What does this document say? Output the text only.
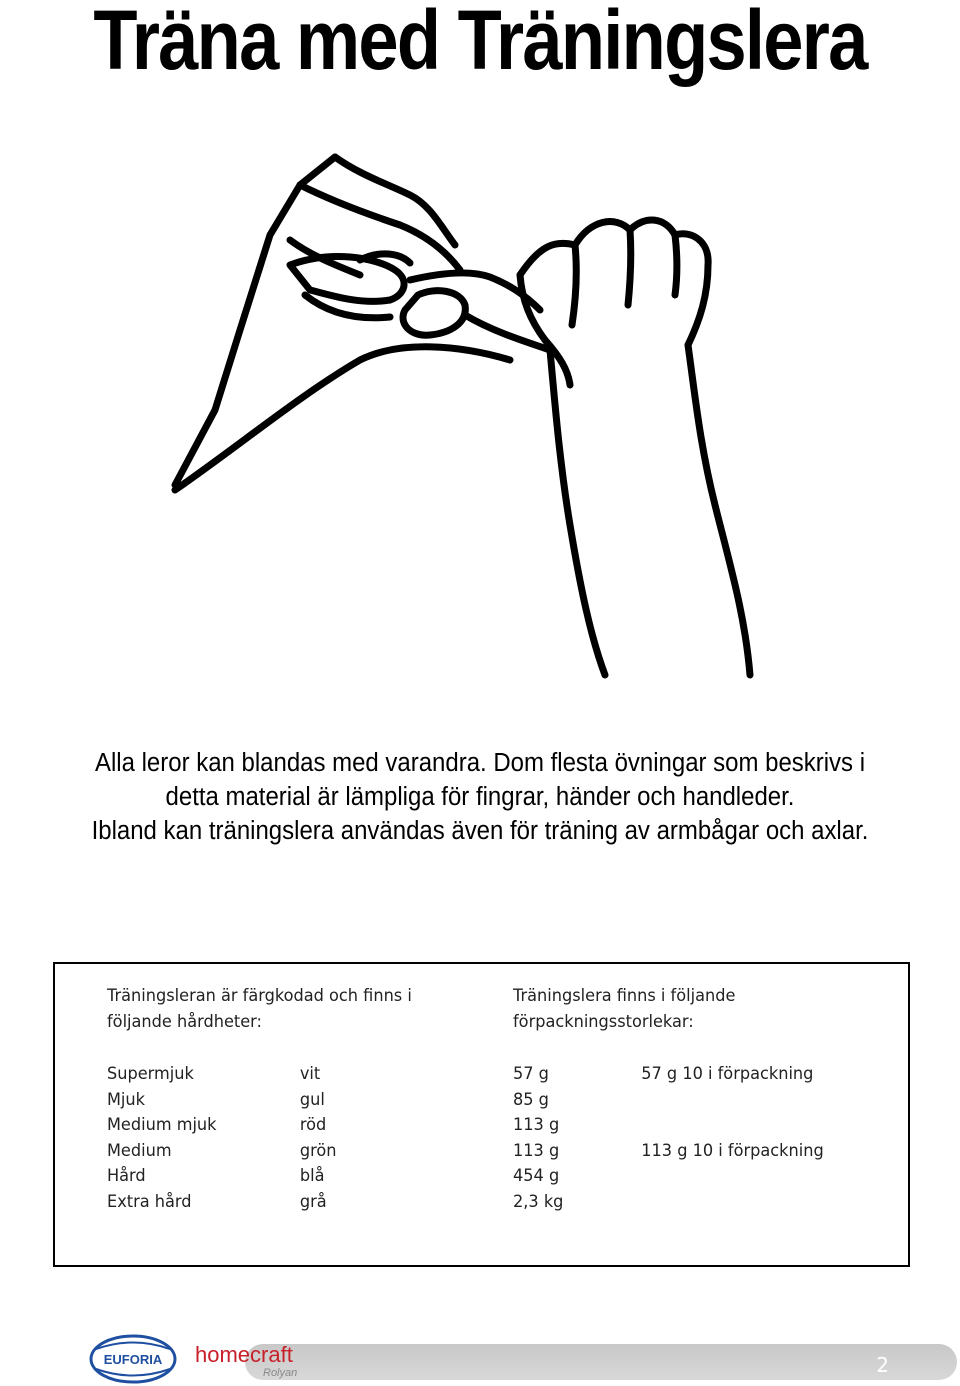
Träna med Träningslera

Alla leror kan blandas med varandra. Dom flesta övningar som beskrivs i

detta material är lämpliga för fingrar, händer och handleder.

Ibland kan träningslera användas även för träning av armbågar och axlar.

Träningsleran är färgkodad och finns i
följande hårdheter:

Supermjuk	vit
Mjuk	gul
Medium mjuk	röd
Medium	grön
Hård	blå
Extra hård	grå

Träningslera finns i följande
förpackningsstorlekar:

57 g	57 g 10 i förpackning
85 g
113 g
113 g	113 g 10 i förpackning
454 g
2,3 kg
2
EUFORIA homecraft
Rolyan
